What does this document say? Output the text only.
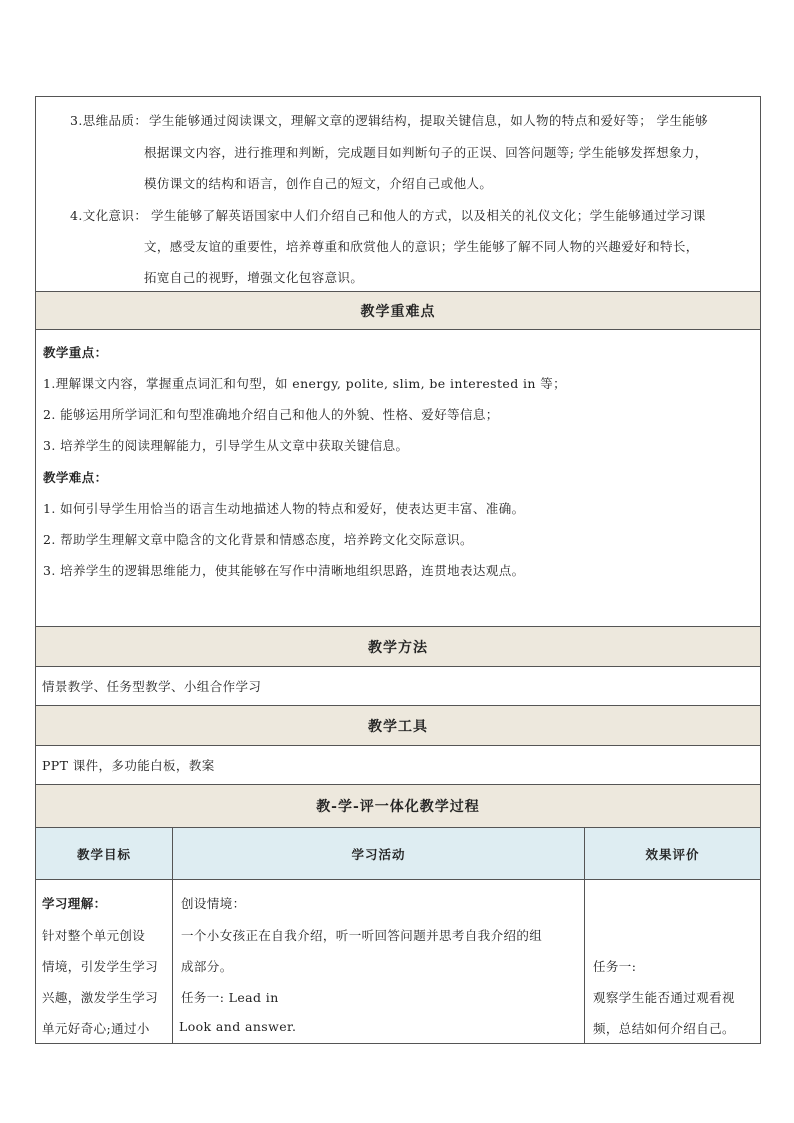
3.思维品质： 学生能够通过阅读课文，理解文章的逻辑结构，提取关键信息，如人物的特点和爱好等； 学生能够
根据课文内容，进行推理和判断，完成题目如判断句子的正误、回答问题等; 学生能够发挥想象力，
模仿课文的结构和语言，创作自己的短文，介绍自己或他人。
4.文化意识： 学生能够了解英语国家中人们介绍自己和他人的方式，以及相关的礼仪文化；学生能够通过学习课
文，感受友谊的重要性，培养尊重和欣赏他人的意识；学生能够了解不同人物的兴趣爱好和特长，
拓宽自己的视野，增强文化包容意识。
教学重难点
教学重点：
1.理解课文内容，掌握重点词汇和句型，如 energy, polite, slim, be interested in 等；
2. 能够运用所学词汇和句型准确地介绍自己和他人的外貌、性格、爱好等信息；
3. 培养学生的阅读理解能力，引导学生从文章中获取关键信息。
教学难点：
1. 如何引导学生用恰当的语言生动地描述人物的特点和爱好，使表达更丰富、准确。
2. 帮助学生理解文章中隐含的文化背景和情感态度，培养跨文化交际意识。
3. 培养学生的逻辑思维能力，使其能够在写作中清晰地组织思路，连贯地表达观点。
教学方法
情景教学、任务型教学、小组合作学习
教学工具
PPT 课件，多功能白板，教案
教-学-评一体化教学过程
教学目标	学习活动	效果评价
学习理解：
针对整个单元创设
情境，引发学生学习
兴趣，激发学生学习
单元好奇心;通过小
创设情境：
一个小女孩正在自我介绍，听一听回答问题并思考自我介绍的组
成部分。
任务一: Lead in
Look and answer.
任务一:
观察学生能否通过观看视
频，总结如何介绍自己。
